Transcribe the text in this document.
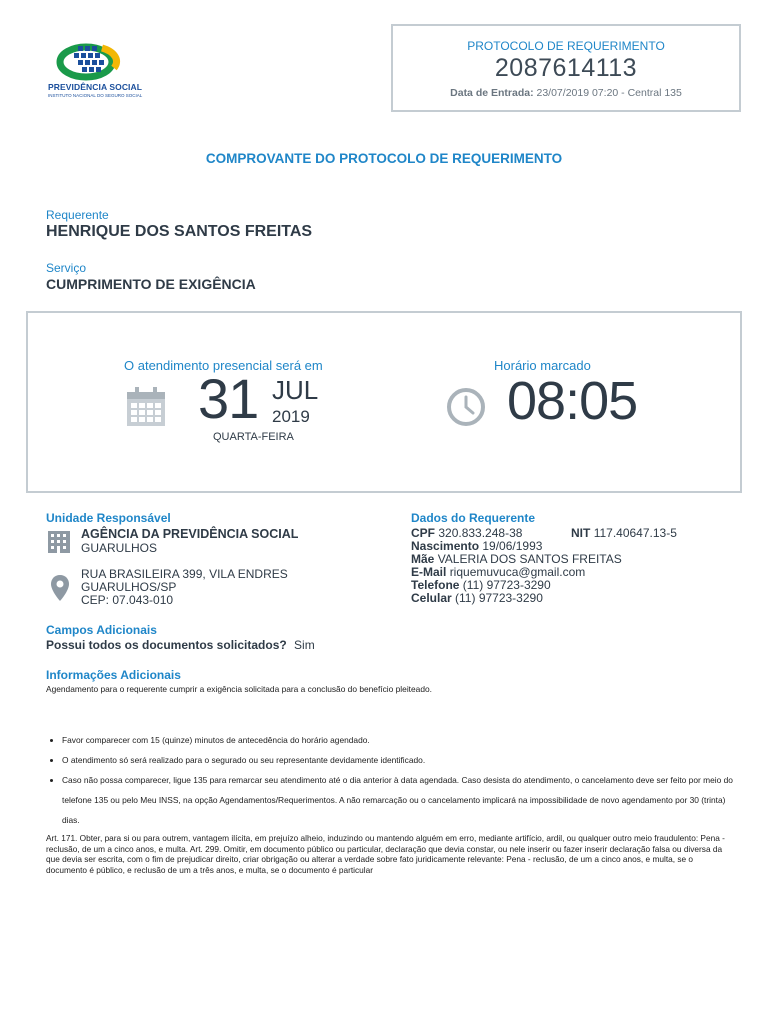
PREVIDÊNCIA SOCIAL
INSTITUTO NACIONAL DO SEGURO SOCIAL
PROTOCOLO DE REQUERIMENTO
2087614113
Data de Entrada: 23/07/2019 07:20 - Central 135
COMPROVANTE DO PROTOCOLO DE REQUERIMENTO
Requerente
HENRIQUE DOS SANTOS FREITAS
Serviço
CUMPRIMENTO DE EXIGÊNCIA
O atendimento presencial será em
31 JUL
2019
QUARTA-FEIRA
Horário marcado
08:05
Unidade Responsável
AGÊNCIA DA PREVIDÊNCIA SOCIAL
GUARULHOS
RUA BRASILEIRA 399, VILA ENDRES
GUARULHOS/SP
CEP: 07.043-010
Dados do Requerente
CPF 320.833.248-38	NIT 117.40647.13-5
Nascimento 19/06/1993
Mãe VALERIA DOS SANTOS FREITAS
E-Mail riquemuvuca@gmail.com
Telefone (11) 97723-3290
Celular (11) 97723-3290
Campos Adicionais
Possui todos os documentos solicitados? Sim
Informações Adicionais
Agendamento para o requerente cumprir a exigência solicitada para a conclusão do benefício pleiteado.
• Favor comparecer com 15 (quinze) minutos de antecedência do horário agendado.
• O atendimento só será realizado para o segurado ou seu representante devidamente identificado.
• Caso não possa comparecer, ligue 135 para remarcar seu atendimento até o dia anterior à data agendada. Caso desista do atendimento, o cancelamento deve ser feito por meio do telefone 135 ou pelo Meu INSS, na opção Agendamentos/Requerimentos. A não remarcação ou o cancelamento implicará na impossibilidade de novo agendamento por 30 (trinta) dias.
Art. 171. Obter, para si ou para outrem, vantagem ilícita, em prejuízo alheio, induzindo ou mantendo alguém em erro, mediante artifício, ardil, ou qualquer outro meio fraudulento: Pena - reclusão, de um a cinco anos, e multa. Art. 299. Omitir, em documento público ou particular, declaração que devia constar, ou nele inserir ou fazer inserir declaração falsa ou diversa da que devia ser escrita, com o fim de prejudicar direito, criar obrigação ou alterar a verdade sobre fato juridicamente relevante: Pena - reclusão, de um a cinco anos, e multa, se o documento é público, e reclusão de um a três anos, e multa, se o documento é particular
